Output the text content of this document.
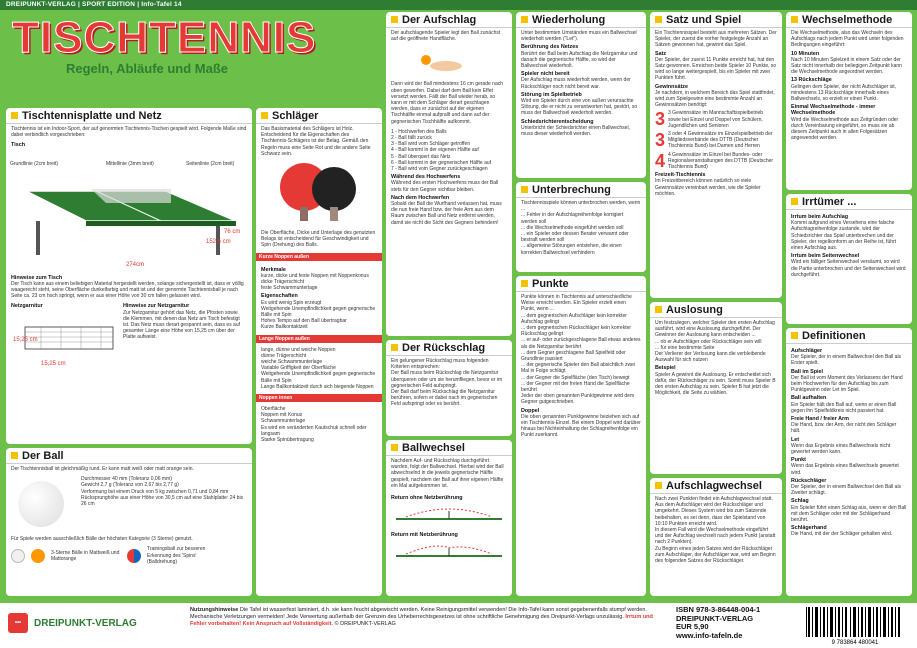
DREIPUNKT-VERLAG | SPORT EDITION | Info-Tafel 14
TISCHTENNIS
Regeln, Abläufe und Maße
Tischtennisplatte und Netz
Tischtennis ist ein Indoor-Sport, der auf genormten Tischtennis-Tischen gespielt wird. Folgende Maße sind dabei verbindlich vorgeschrieben:
Tisch
274cm
152,5 cm
76 cm
Grundlinie (2cm breit)	Mittellinie (3mm breit)	Seitenlinie (2cm breit)
Hinweise zum Tisch
Der Tisch kann aus einem beliebigen Material hergestellt werden, solange sichergestellt ist, dass er völlig waagerecht steht, seine Oberfläche dunkelfarbig und matt ist und der genormte Tischtennisball je nach Seite ca. 23 cm hoch springt, wenn er aus einer Höhe von 30 cm fallen gelassen wird.
Netzgarnitur
15,25 cm
15,25 cm
Hinweise zur Netzgarnitur
Zur Netzgarnitur gehört das Netz, die Pfosten sowie die Klemmen, mit denen das Netz am Tisch befestigt ist. Das Netz muss derart gespannt sein, dass es auf gesamter Länge eine Höhe von 15,25 cm über der Platte aufweist.
Der Ball
Der Tischtennisball ist gleichmäßig rund. Er kann matt weiß oder matt orange sein.
Durchmesser 40 mm (Toleranz 0,06 mm)
Gewicht 2,7 g (Toleranz von 2,67 bis 2,77 g)
Verformung bei einem Druck von 5 kg zwischen 0,71 und 0,84 mm
Rücksprunghöhe aus einer Höhe von 30,5 cm auf eine Stahlplatte: 24 bis 26 cm
Für Spiele werden ausschließlich Bälle der höchsten Kategorie (3 Sterne) genutzt.
3-Sterne Bälle in Mattweiß und Mattorange
Trainingsball zur besseren Erkennung des 'Spins' (Balldrehung)
Schläger
Das Basismaterial des Schlägers ist Holz. Entscheidend für die Eigenschaften des Tischtennis-Schlägers ist der Belag. Gemäß den Regeln muss eine Seite Rot und die andere Seite Schwarz sein.
Die Oberfläche, Dicke und Unterlage des genutzten Belags ist entscheidend für Geschwindigkeit und Spin (Drehung) des Balls.
Kurze Noppen außen
Merkmale
kurze, dicke und feste Noppen mit Noppenkonus
dicke Trägerschicht
feste Schwammunterlage
Eigenschaften
Es wird wenig Spin erzeugt
Weitgehende Unempfindlichkeit gegen gegnerische Bälle mit Spin
Hohes Tempo auf den Ball übertragbar
Kurze Ballkontaktzeit
Lange Noppen außen
lange, dünne und weiche Noppen
dünne Trägerschicht
weiche Schwammunterlage
Variable Griffigkeit der Oberfläche
Weitgehende Unempfindlichkeit gegen gegnerische Bälle mit Spin
Lange Ballkontaktzeit durch sich biegende Noppen
Noppen innen
Oberfläche
Noppen mit Konus
Schwammunterlage
Es wird ein veränderten Kautschuk schnell oder langsam
Starke Spinübertragung
Der Aufschlag
Der aufschlagende Spieler legt den Ball zunächst auf die geöffnete Handfläche.
Dann wird der Ball mindestens 16 cm gerade nach oben geworfen. Dabei darf dem Ball kein Effet versetzt werden. Fällt der Ball wieder herab, so kann er mit dem Schläger derart geschlagen werden, dass er zunächst auf der eigenen Tischhälfte einmal aufprallt und dann auf der gegnerischen Tischhälfte aufkommt.
1 - Hochwerfen des Balls
2 - Ball fällt zurück
3 - Ball wird vom Schläger getroffen
4 - Ball kommt in der eigenen Hälfte auf
5 - Ball überquert das Netz
6 - Ball kommt in der gegnerischen Hälfte auf
7 - Ball wird vom Gegner zurückgeschlagen
Während des Hochwerfens
Während des ersten Hochwerfens muss der Ball stets für den Gegner sichtbar bleiben.
Nach dem Hochwerfen
Sobald der Ball die Wurfhand verlassen hat, muss die nun freie Hand bzw. der freie Arm aus dem Raum zwischen Ball und Netz entfernt werden, damit sie nicht die Sicht des Gegners behindern!
Der Rückschlag
Ein gelungener Rückschlag muss folgenden Kriterien entsprechen:
Der Ball muss beim Rückschlag die Netzgarnitur überqueren oder um sie herumfliegen, bevor er im gegnerischen Feld aufspringt.
Der Ball darf beim Rückschlag die Netzgarnitur berühren, sofern er dabei nach im gegnerischen Feld aufspringt oder es berührt.
Ballwechsel
Nachdem Auf- und Rückschlag durchgeführt wurden, folgt der Ballwechsel. Hierbei wird der Ball abwechselnd in die jeweils gegnerische Hälfte gespielt, nachdem der Ball auf ihrer eigenen Hälfte ein Mal aufgekommen ist.
Return ohne Netzberührung
Return mit Netzberührung
Wiederholung
Unter bestimmten Umständen muss ein Ballwechsel wiederholt werden ("Let").
Berührung des Netzes
Berührt der Ball beim Aufschlag die Netzgarnitur und danach die gegnerische Hälfte, so wird der Ballwechsel wiederholt.
Spieler nicht bereit
Der Aufschlag muss wiederholt werden, wenn der Rückschläger noch nicht bereit war.
Störung im Spielbetrieb
Wird ein Spieler durch eine von außen verursachte Störung, die er nicht zu verantworten hat, gestört, so muss der Ballwechsel wiederholt werden.
Schiedsrichterentscheidung
Unterbricht der Schiedsrichter einen Ballwechsel, muss dieser wiederholt werden.
Unterbrechung
Tischtennisspiele können unterbrochen werden, wenn ...
... Fehler in der Aufschlagreihenfolge korrigiert werden soll
... die Wechselmethode eingeführt werden soll
... ein Spieler oder dessen Berater verwarnt oder bestraft werden soll
... allgemeine Störungen entstehen, die einen korrekten Ballwechsel verhindern
Punkte
Punkte können in Tischtennis auf unterschiedliche Weise erreicht werden. Ein Spieler erzielt einen Punkt, wenn ...
... dem gegnerischen Aufschläger kein korrekter Aufschlag gelingt
... dem gegnerischen Rückschläger kein korrekter Rückschlag gelingt
... er auf- oder zurückgeschlagene Ball etwas anderes als die Netzgarnitur berührt
... dem Gegner geschlagene Ball Spielfeld oder Grundlinie passiert
... der gegnerische Spieler den Ball absichtlich zwei Mal in Folge schlägt
... der Gegner die Spielfläche (den Tisch) bewegt
... der Gegner mit der freien Hand die Spielfläche berührt
Jeder der oben genannten Punktgewinne wird dem Gegner gutgeschrieben.
Doppel
Die oben genannten Punktgewinne beziehen sich auf ein Tischtennis-Einzel. Bei einem Doppel wird darüber hinaus bei Nichteinhaltung der Schlagreihenfolge ein Punkt zuerkannt.
Satz und Spiel
Ein Tischtennisspiel besteht aus mehreren Sätzen. Der Spieler, der zuerst die vorher festgelegte Anzahl an Sätzen gewonnen hat, gewinnt das Spiel.
Satz
Der Spieler, der zuerst 11 Punkte erreicht hat, hat den Satz gewonnen. Erreichen beide Spieler 10 Punkte, so wird so lange weitergespielt, bis ein Spieler mit zwei Punkten führt.
Gewinnsätze
Je nachdem, in welchem Bereich das Spiel stattfindet, wird zum Spielgewinn eine bestimmte Anzahl an Gewinnsätzen benötigt:
3 3 Gewinnsätze im Mannschaftsspielbetrieb sowie bei Einzel und Doppel von Schülern, Jugendlichen und Senioren
3 3 oder 4 Gewinnsätze im Einzelspielbetrieb der Mitgliedsverbände des DTTB (Deutscher Tischtennis Bund) bei Damen und Herren
4 4 Gewinnsätze im Einzel bei Bundes- oder Regionalveranstaltungen des DTTB (Deutscher Tischtennis Bund)
Freizeit-Tischtennis
Im Freizeitbereich können natürlich so viele Gewinnsätze vereinbart werden, wie die Spieler möchten.
Auslosung
Um festzulegen, welcher Spieler den ersten Aufschlag ausführt, wird eine Auslosung durchgeführt. Der Gewinner der Auslosung kann entscheiden ...
... ob er Aufschläger oder Rückschläger sein will
... für eine bestimmte Seite
Der Verlierer der Verlosung kann die verbleibende Auswahl für sich nutzen
Beispiel
Spieler A gewinnt die Auslosung. Er entscheidet sich dafür, der Rückschläger zu sein. Somit muss Spieler B den ersten Aufschlag zu sein. Spieler B hat jetzt die Möglichkeit, die Seite zu wählen.
Aufschlagwechsel
Nach zwei Punkten findet ein Aufschlagwechsel statt. Aus dem Aufschläger wird der Rückschläger und umgekehrt. Dieses System wird bis zum Satzende beibehalten, es sei denn, dass der Spielstand von 10:10 Punkten erreicht wird.
In diesem Fall wird die Wechselmethode eingeführt und der Aufschlag wechselt nach jedem Punkt (anstatt nach 2 Punkten).
Zu Beginn eines jeden Satzes wird der Rückschläger zum Aufschläger, der Aufschläger war, wird am Beginn des folgenden Satzes der Rückschläger.
Wechselmethode
Die Wechselmethode, also das Wechseln des Aufschlags nach jedem Punkt wird unter folgenden Bedingungen eingeführt:
10 Minuten
Nach 10 Minuten Spielzeit in einem Satz oder der Satz nicht innerhalb der beliegigen Zeitpunkt kann die Wechselmethode angeordnet werden.
13 Rückschläge
Gelingen dem Spieler, der nicht Aufschläger ist, mindestens 13 Rückschläge innerhalb eines Ballwechsels, so erzielt er einen Punkt.
Einmal Wechselmethode - immer Wechselmethode
Wird die Wechselmethode aus Zeitgründen oder durch Vereinbarung eingeführt, so muss sie ab diesem Zeitpunkt auch in allen Folgesätzen angewendet werden.
Irrtümer ...
Irrtum beim Aufschlag
Kommt aufgrund eines Versehens eine falsche Aufschlagreihenfolge zustande, wird der Schiedsrichter das Spiel unterbrechen und der Spieler, der regelkonform an der Reihe ist, führt einen Aufschlag aus.
Irrtum beim Seitenwechsel
Wird ein fälliger Seitenwechsel versäumt, so wird die Partie unterbrochen und der Seitenwechsel wird durchgeführt.
Definitionen
Aufschläger
Der Spieler, der in einem Ballwechsel den Ball als Erster spielt.
Ball im Spiel
Der Ball ist vom Moment des Verlassens der Hand beim Hochwerfen für den Aufschlag bis zum Punktgewinn oder Let im Spiel.
Ball aufhalten
Ein Spieler hält den Ball auf, wenn er einen Ball gegen ihn Spielfeldkreis nicht passiert hat.
Freie Hand / freier Arm
Die Hand, bzw. der Arm, der nicht den Schläger hält.
Let
Wenn das Ergebnis eines Ballwechsels nicht gewertet werden kann.
Punkt
Wenn das Ergebnis eines Ballwechsels gewertet wird.
Rückschläger
Der Spieler, der in einem Ballwechsel den Ball als Zweiter schlägt.
Schlag
Ein Spieler führt einen Schlag aus, wenn er den Ball mit dem Schläger oder mit der Schlägerhand berührt.
Schlägerhand
Die Hand, mit der der Schläger gehalten wird.
•••	DREIPUNKT-VERLAG
Nutzungshinweise Die Tafel ist wasserfest laminiert, d.h. sie kann feucht abgewischt werden. Keine Reinigungsmittel verwenden! Die Info-Tafel kann sonst gegebenenfalls stumpf werden. Mechanische Verletzungen vermeiden! Jede Verwertung außerhalb der Grenzen des Urheberrechtsgesetzes ist ohne schriftliche Genehmigung des Dreipunkt-Verlags unzulässig. Irrtum und Fehler vorbehalten! Kein Anspruch auf Vollständigkeit. © DREIPUNKT-VERLAG
ISBN 978-3-86448-004-1
DREIPUNKT-VERLAG
EUR 5,90
www.info-tafeln.de
9 783864 480041
